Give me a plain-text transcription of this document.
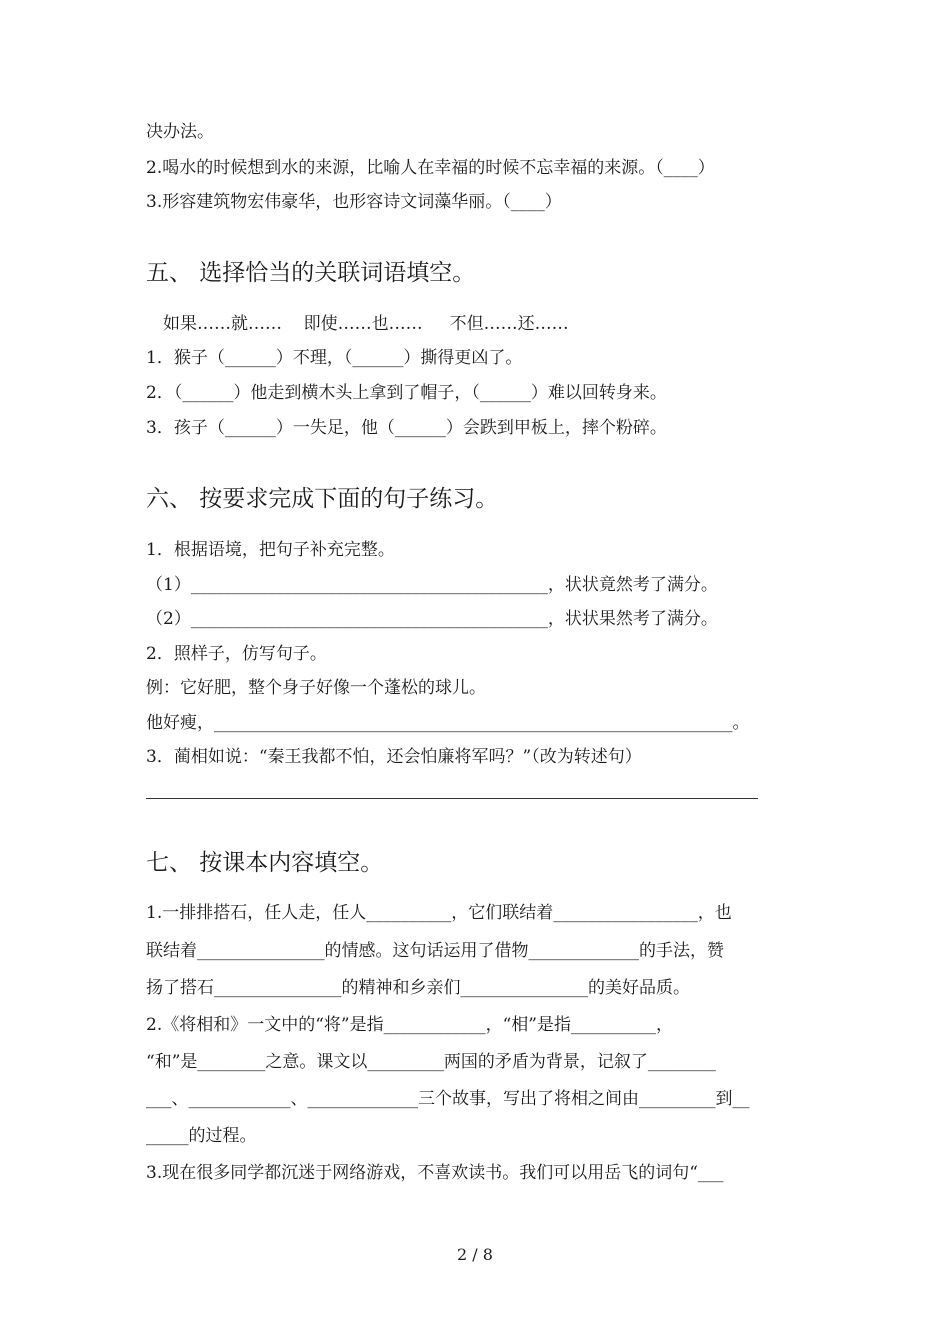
决办法。
2.喝水的时候想到水的来源，比喻人在幸福的时候不忘幸福的来源。（____）
3.形容建筑物宏伟豪华，也形容诗文词藻华丽。（____）
五、 选择恰当的关联词语填空。
如果……就……    即使……也……     不但……还……
1．猴子（______）不理，（______）撕得更凶了。
2．（______）他走到横木头上拿到了帽子，（______）难以回转身来。
3．孩子（______）一失足，他（______）会跌到甲板上，摔个粉碎。
六、 按要求完成下面的句子练习。
1．根据语境，把句子补充完整。
（1）__________________________________________，状状竟然考了满分。
（2）__________________________________________，状状果然考了满分。
2．照样子，仿写句子。
例：它好肥，整个身子好像一个蓬松的球儿。
他好瘦，_____________________________________________________________。
3．蔺相如说：“秦王我都不怕，还会怕廉将军吗？”（改为转述句）
七、 按课本内容填空。
1.一排排搭石，任人走，任人__________，它们联结着_________________，也
联结着_______________的情感。这句话运用了借物_____________的手法，赞
扬了搭石_______________的精神和乡亲们_______________的美好品质。
2.《将相和》一文中的“将”是指____________，“相”是指__________，
“和”是________之意。课文以_________两国的矛盾为背景，记叙了________
___、____________、_____________三个故事，写出了将相之间由_________到__
_____的过程。
3.现在很多同学都沉迷于网络游戏，不喜欢读书。我们可以用岳飞的词句“___
2 / 8
